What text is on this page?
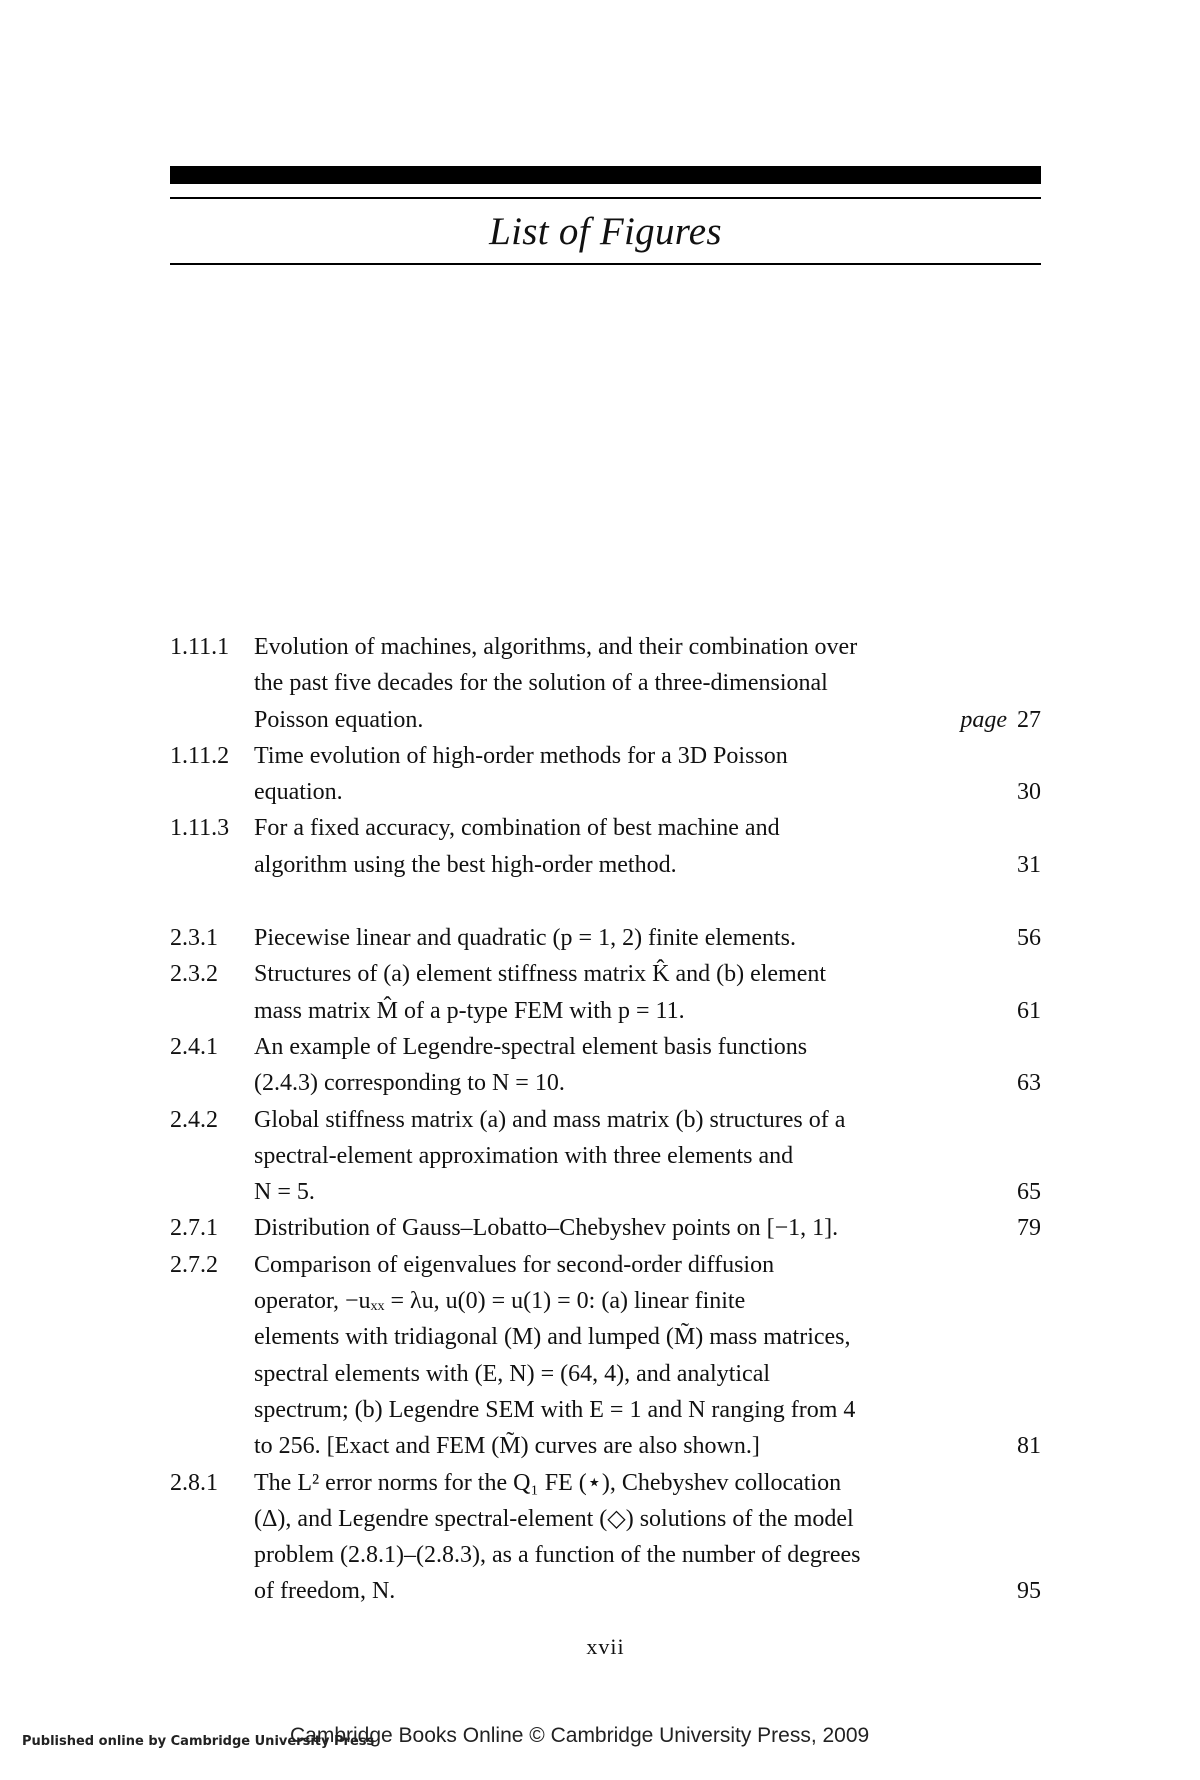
List of Figures
1.11.1	Evolution of machines, algorithms, and their combination over
the past five decades for the solution of a three-dimensional
Poisson equation.	page 27
1.11.2	Time evolution of high-order methods for a 3D Poisson
equation.	30
1.11.3	For a fixed accuracy, combination of best machine and
algorithm using the best high-order method.	31
2.3.1	Piecewise linear and quadratic (p = 1, 2) finite elements.	56
2.3.2	Structures of (a) element stiffness matrix K̂ and (b) element
mass matrix M̂ of a p-type FEM with p = 11.	61
2.4.1	An example of Legendre-spectral element basis functions
(2.4.3) corresponding to N = 10.	63
2.4.2	Global stiffness matrix (a) and mass matrix (b) structures of a
spectral-element approximation with three elements and
N = 5.	65
2.7.1	Distribution of Gauss–Lobatto–Chebyshev points on [−1, 1].	79
2.7.2	Comparison of eigenvalues for second-order diffusion
operator, −uₓₓ = λu, u(0) = u(1) = 0: (a) linear finite
elements with tridiagonal (M) and lumped (M̃) mass matrices,
spectral elements with (E, N) = (64, 4), and analytical
spectrum; (b) Legendre SEM with E = 1 and N ranging from 4
to 256. [Exact and FEM (M̃) curves are also shown.]	81
2.8.1	The L² error norms for the Q₁ FE (⋆), Chebyshev collocation
(Δ), and Legendre spectral-element (◇) solutions of the model
problem (2.8.1)–(2.8.3), as a function of the number of degrees
of freedom, N.	95
xvii
Published online by Cambridge University Press
Cambridge Books Online © Cambridge University Press, 2009
